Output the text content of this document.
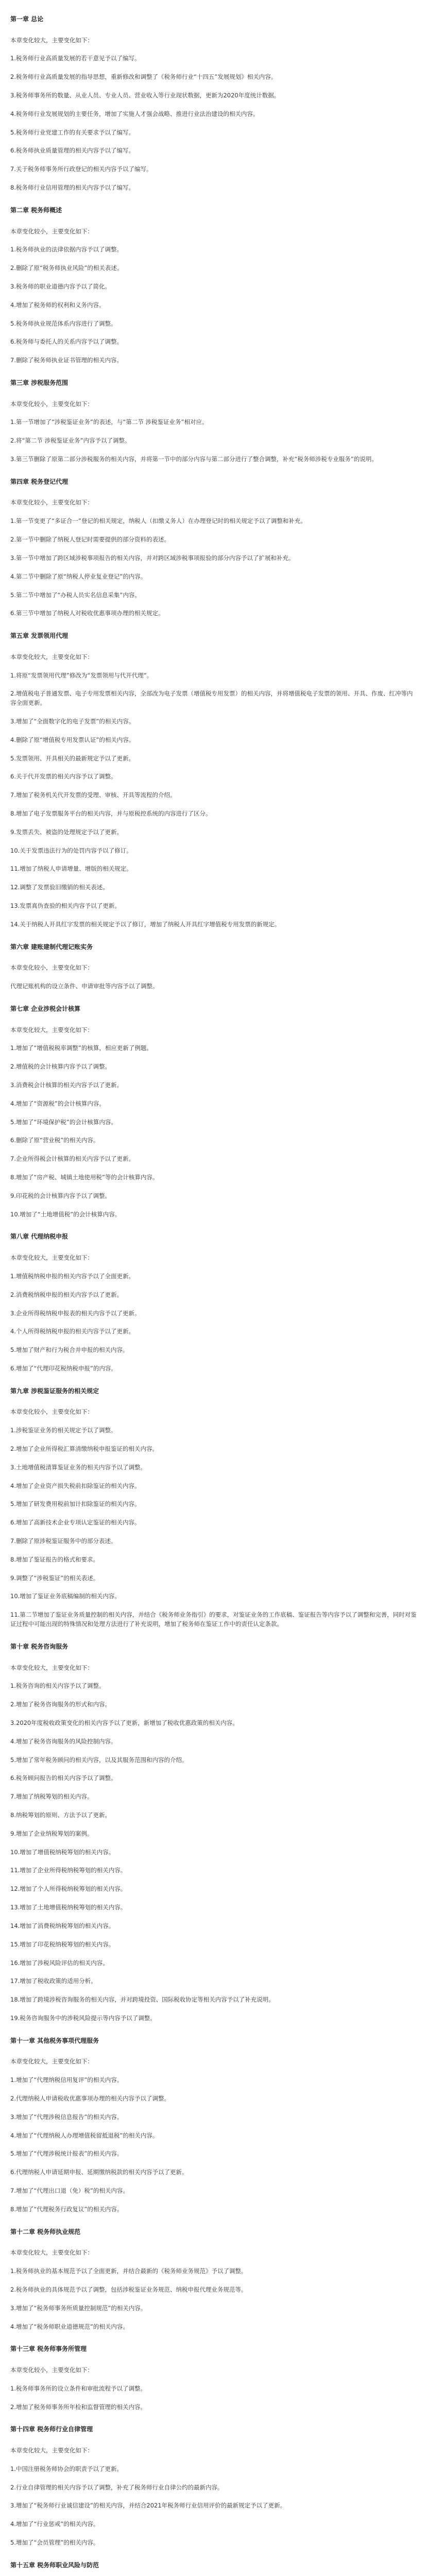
第一章 总论

本章变化较大，主要变化如下：

1.税务师行业高质量发展的若干意见予以了编写。

2.税务师行业高质量发展的指导思想，重新修改和调整了《税务师行业“十四五”发展规划》相关内容。

3.税务师事务所的数量、从业人员、专业人员、营业收入等行业现状数据，更新为2020年度统计数据。

4.税务师行业发展规划的主要任务，增加了实施人才强会战略、推进行业法治建设的相关内容。

5.税务师行业党建工作的有关要求予以了编写。

6.税务师执业质量管理的相关内容予以了编写。

7.关于税务师事务所行政登记的相关内容予以了编写。

8.税务师行业信用管理的相关内容予以了编写。

第二章 税务师概述

本章变化较小，主要变化如下：

1.税务师执业的法律依据内容予以了调整。

2.删除了原“税务师执业风险”的相关表述。

3.税务师的职业道德内容予以了简化。

4.增加了税务师的权利和义务内容。

5.税务师执业规范体系内容进行了调整。

6.税务师与委托人的关系内容予以了调整。

7.删除了税务师执业证书管理的相关内容。

第三章 涉税服务范围

本章变化较小，主要变化如下：

1.第一节增加了“涉税鉴证业务”的表述，与“第二节 涉税鉴证业务”相对应。

2.将“第二节 涉税鉴证业务”内容予以了调整。

3.第三节删除了原第二部分涉税服务的相关内容，并将第一节中的部分内容与第二部分进行了整合调整，补充“税务师涉税专业服务”的说明。

第四章 税务登记代理

本章变化较小，主要变化如下：

1.第一节变更了“多证合一”登记的相关规定，纳税人（扣缴义务人）在办理登记时的相关规定予以了调整和补充。

2.第一节中删除了纳税人登记时需要提供的部分资料的表述。

3.第一节中增加了跨区域涉税事项报告的相关内容，并对跨区域涉税事项报验的部分内容予以了扩展和补充。

4.第二节中删除了原“纳税人停业复业登记”的内容。

5.第二节中增加了“办税人员实名信息采集”内容。

6.第三节中增加了纳税人对税收优惠事项办理的相关规定。

第五章 发票领用代理

本章变化较大，主要变化如下：

1.将原“发票领用代理”修改为“发票领用与代开代理”。

2.增值税电子普通发票、电子专用发票相关内容，全部改为电子发票（增值税专用发票）的相关内容，并将增值税电子发票的领用、开具、作废、红冲等内容全面更新。

3.增加了“全面数字化的电子发票”的相关内容。

4.删除了原“增值税专用发票认证”的相关内容。

5.发票领用、开具相关的最新规定予以了更新。

6.关于代开发票的相关内容予以了调整。

7.增加了税务机关代开发票的受理、审核、开具等流程的介绍。

8.增加了电子发票服务平台的相关内容，并与原税控系统的内容进行了区分。

9.发票丢失、被盗的处理规定予以了更新。

10.关于发票违法行为的处罚内容予以了修订。

11.增加了纳税人申请增量、增版的相关规定。

12.调整了发票验旧缴销的相关表述。

13.发票真伪查验的相关内容予以了更新。

14.关于纳税人开具红字发票的相关规定予以了修订，增加了纳税人开具红字增值税专用发票的新规定。

第六章 建账建制代理记账实务

本章变化较小，主要变化如下：

代理记账机构的设立条件、申请审批等内容予以了调整。

第七章 企业涉税会计核算

本章变化较大，主要变化如下：

1.增加了“增值税税率调整”的核算，相应更新了例题。

2.增值税的会计核算内容予以了调整。

3.消费税会计核算的相关内容予以了更新。

4.增加了“资源税”的会计核算内容。

5.增加了“环境保护税”的会计核算内容。

6.删除了原“营业税”的相关内容。

7.企业所得税会计核算的相关内容予以了更新。

8.增加了“房产税、城镇土地使用税”等的会计核算内容。

9.印花税的会计核算内容予以了调整。

10.增加了“土地增值税”的会计核算内容。

第八章 代理纳税申报

本章变化较大，主要变化如下：

1.增值税纳税申报的相关内容予以了全面更新。

2.消费税纳税申报的相关内容予以了更新。

3.企业所得税纳税申报表的相关内容予以了更新。

4.个人所得税纳税申报的相关内容予以了更新。

5.增加了财产和行为税合并申报的相关内容。

6.增加了“代理印花税纳税申报”的内容。

第九章 涉税鉴证服务的相关规定

本章变化较小，主要变化如下：

1.涉税鉴证业务的相关规定予以了调整。

2.增加了企业所得税汇算清缴纳税申报鉴证的相关内容。

3.土地增值税清算鉴证业务的相关内容予以了调整。

4.增加了企业资产损失税前扣除鉴证的相关内容。

5.增加了研发费用税前加计扣除鉴证的相关内容。

6.增加了高新技术企业专项认定鉴证的相关内容。

7.删除了原涉税鉴证服务中的部分表述。

8.增加了鉴证报告的格式和要求。

9.调整了“涉税鉴证”的相关表述。

10.增加了鉴证业务底稿编制的相关内容。

11.第二节增加了鉴证业务质量控制的相关内容，并结合《税务师业务指引》的要求，对鉴证业务的工作底稿、鉴证报告等内容予以了调整和完善，同时对鉴证过程中可能出现的特殊情况和处理方法进行了补充说明，增加了税务师在鉴证工作中的责任认定条款。

第十章 税务咨询服务

本章变化较大，主要变化如下：

1.税务咨询的相关内容予以了调整。

2.增加了税务咨询服务的形式和内容。

3.2020年度税收政策变化的相关内容予以了更新，新增加了税收优惠政策的相关内容。

4.增加了税务咨询服务的风险控制内容。

5.增加了常年税务顾问的相关内容，以及其服务范围和内容的介绍。

6.税务顾问报告的相关内容予以了调整。

7.增加了纳税筹划的相关内容。

8.纳税筹划的原则、方法予以了更新。

9.增加了企业纳税筹划的案例。

10.增加了增值税纳税筹划的相关内容。

11.增加了企业所得税纳税筹划的相关内容。

12.增加了个人所得税纳税筹划的相关内容。

13.增加了土地增值税纳税筹划的相关内容。

14.增加了消费税纳税筹划的相关内容。

15.增加了印花税纳税筹划的相关内容。

16.增加了涉税风险评估的相关内容。

17.增加了税收政策的适用分析。

18.增加了跨境涉税咨询服务的相关内容，并对跨境投资、国际税收协定等相关内容予以了补充说明。

19.税务咨询服务中的涉税风险提示等内容予以了调整。

第十一章 其他税务事项代理服务

本章变化较大，主要变化如下：

1.增加了“代理纳税信用复评”的相关内容。

2.代理纳税人申请税收优惠事项办理的相关内容予以了调整。

3.增加了“代理涉税信息报告”的相关内容。

4.增加了“代理纳税人办理增值税留抵退税”的相关内容。

5.增加了“代理涉税统计报表”的相关内容。

6.代理纳税人申请延期申报、延期缴纳税款的相关内容予以了更新。

7.增加了“代理出口退（免）税”的相关内容。

8.增加了“代理税务行政复议”的相关内容。

第十二章 税务师执业规范

本章变化较大，主要变化如下：

1.税务师执业的基本规范予以了全面更新，并结合最新的《税务师业务规范》予以了调整。

2.税务师执业的具体规范予以了调整，包括涉税鉴证业务规范、纳税申报代理业务规范等。

3.增加了“税务师事务所质量控制规范”的相关内容。

4.增加了“税务师职业道德规范”的相关内容。

第十三章 税务师事务所管理

本章变化较小，主要变化如下：

1.税务师事务所的设立条件和审批流程予以了调整。

2.增加了税务师事务所年检和监督管理的相关内容。

第十四章 税务师行业自律管理

本章变化较大，主要变化如下：

1.中国注册税务师协会的职责予以了更新。

2.行业自律管理的相关内容予以了调整，补充了税务师行业自律公约的最新内容。

3.增加了“税务师行业诚信建设”的相关内容，并结合2021年税务师行业信用评价的最新规定予以了更新。

4.增加了“行业惩戒”的相关内容。

5.增加了“会员管理”的相关内容。

第十五章 税务师职业风险与防范
